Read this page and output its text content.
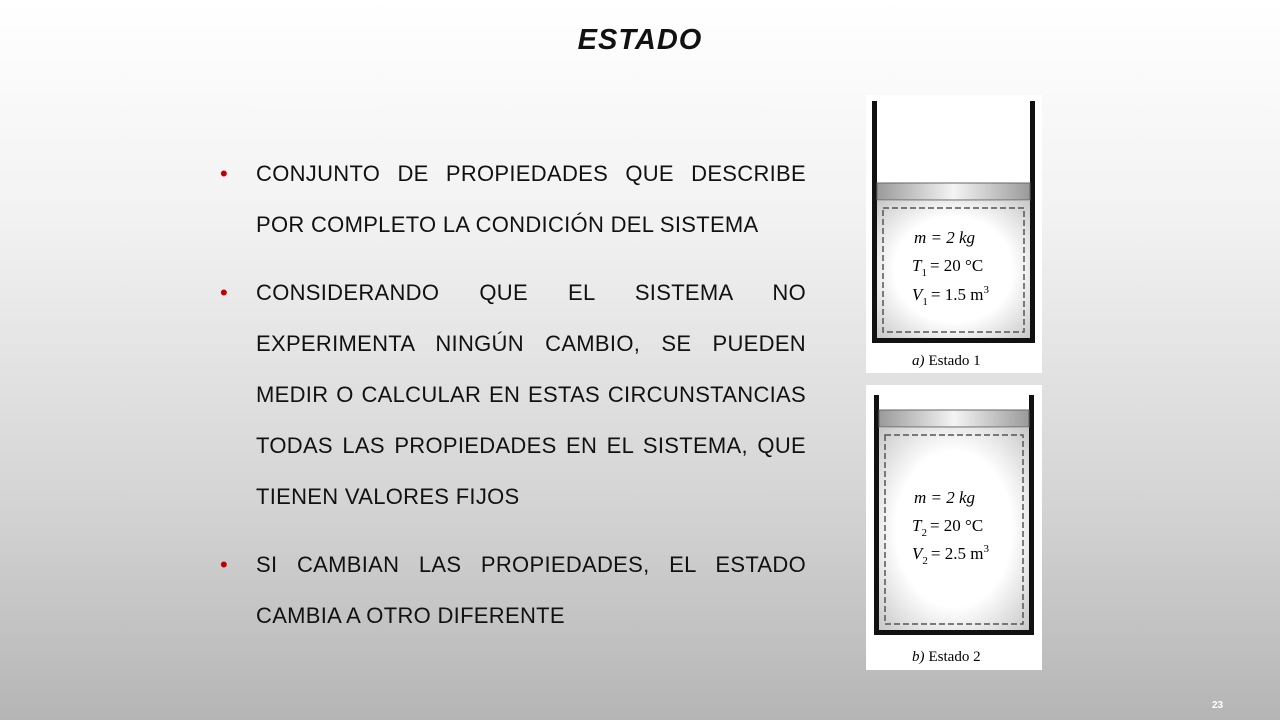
ESTADO
• CONJUNTO DE PROPIEDADES QUE DESCRIBE POR COMPLETO LA CONDICIÓN DEL SISTEMA
• CONSIDERANDO QUE EL SISTEMA NO EXPERIMENTA NINGÚN CAMBIO, SE PUEDEN MEDIR O CALCULAR EN ESTAS CIRCUNSTANCIAS TODAS LAS PROPIEDADES EN EL SISTEMA, QUE TIENEN VALORES FIJOS
• SI CAMBIAN LAS PROPIEDADES, EL ESTADO CAMBIA A OTRO DIFERENTE
m = 2 kg
$T_1 = 20$ °C
$V_1 = 1.5$ $m^3$
a) Estado 1
m = 2 kg
$T_2 = 20$ °C
$V_2 = 2.5$ $m^3$
b) Estado 2
23
